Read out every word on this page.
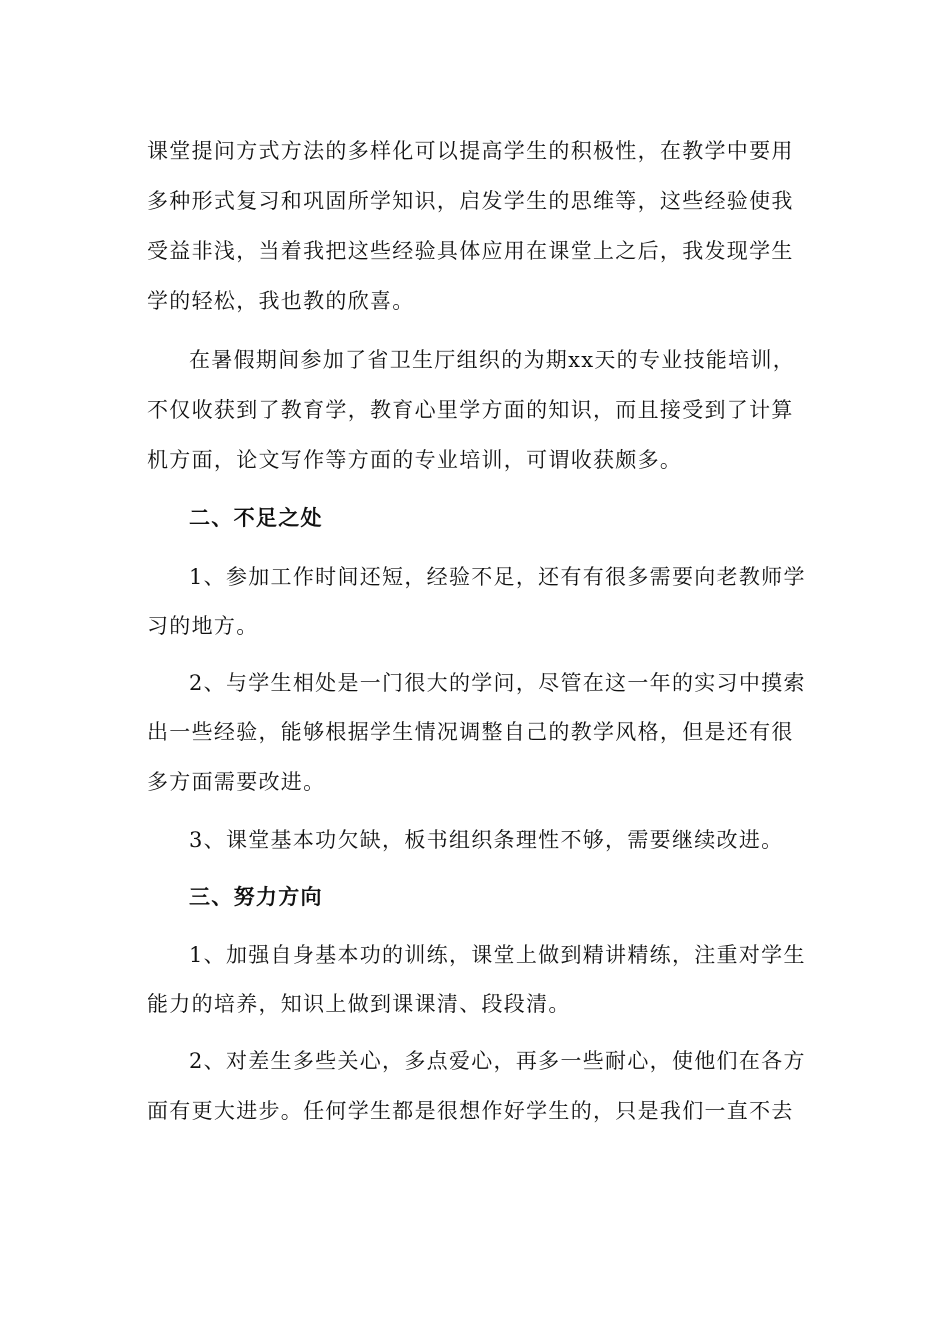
课堂提问方式方法的多样化可以提高学生的积极性，在教学中要用
多种形式复习和巩固所学知识，启发学生的思维等，这些经验使我
受益非浅，当着我把这些经验具体应用在课堂上之后，我发现学生
学的轻松，我也教的欣喜。
在暑假期间参加了省卫生厅组织的为期xx天的专业技能培训，
不仅收获到了教育学，教育心里学方面的知识，而且接受到了计算
机方面，论文写作等方面的专业培训，可谓收获颇多。
二、不足之处
1、参加工作时间还短，经验不足，还有有很多需要向老教师学
习的地方。
2、与学生相处是一门很大的学问，尽管在这一年的实习中摸索
出一些经验，能够根据学生情况调整自己的教学风格，但是还有很
多方面需要改进。
3、课堂基本功欠缺，板书组织条理性不够，需要继续改进。
三、努力方向
1、加强自身基本功的训练，课堂上做到精讲精练，注重对学生
能力的培养，知识上做到课课清、段段清。
2、对差生多些关心，多点爱心，再多一些耐心，使他们在各方
面有更大进步。任何学生都是很想作好学生的，只是我们一直不去
